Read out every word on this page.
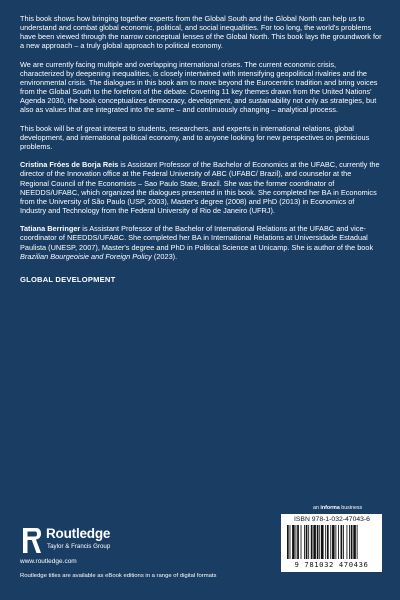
This book shows how bringing together experts from the Global South and the Global North can help us to understand and combat global economic, political, and social inequalities. For too long, the world's problems have been viewed through the narrow conceptual lenses of the Global North. This book lays the groundwork for a new approach – a truly global approach to political economy.

We are currently facing multiple and overlapping international crises. The current economic crisis, characterized by deepening inequalities, is closely intertwined with intensifying geopolitical rivalries and the environmental crisis. The dialogues in this book aim to move beyond the Eurocentric tradition and bring voices from the Global South to the forefront of the debate. Covering 11 key themes drawn from the United Nations' Agenda 2030, the book conceptualizes democracy, development, and sustainability not only as strategies, but also as values that are integrated into the same – and continuously changing – analytical process.

This book will be of great interest to students, researchers, and experts in international relations, global development, and international political economy, and to anyone looking for new perspectives on pernicious problems.

Cristina Fróes de Borja Reis is Assistant Professor of the Bachelor of Economics at the UFABC, currently the director of the Innovation office at the Federal University of ABC (UFABC/ Brazil), and counselor at the Regional Council of the Economists – Sao Paulo State, Brazil. She was the former coordinator of NEEDDS/UFABC, which organized the dialogues presented in this book. She completed her BA in Economics from the University of São Paulo (USP, 2003), Master's degree (2008) and PhD (2013) in Economics of Industry and Technology from the Federal University of Rio de Janeiro (UFRJ).

Tatiana Berringer is Assistant Professor of the Bachelor of International Relations at the UFABC and vice-coordinator of NEEDDS/UFABC. She completed her BA in International Relations at Universidade Estadual Paulista (UNESP, 2007), Master's degree and PhD in Political Science at Unicamp. She is author of the book Brazilian Bourgeoisie and Foreign Policy (2023).

GLOBAL DEVELOPMENT
Routledge
Taylor & Francis Group
www.routledge.com
Routledge titles are available as eBook editions in a range of digital formats
an informa business
ISBN 978-1-032-47043-6
9 781032 470436
